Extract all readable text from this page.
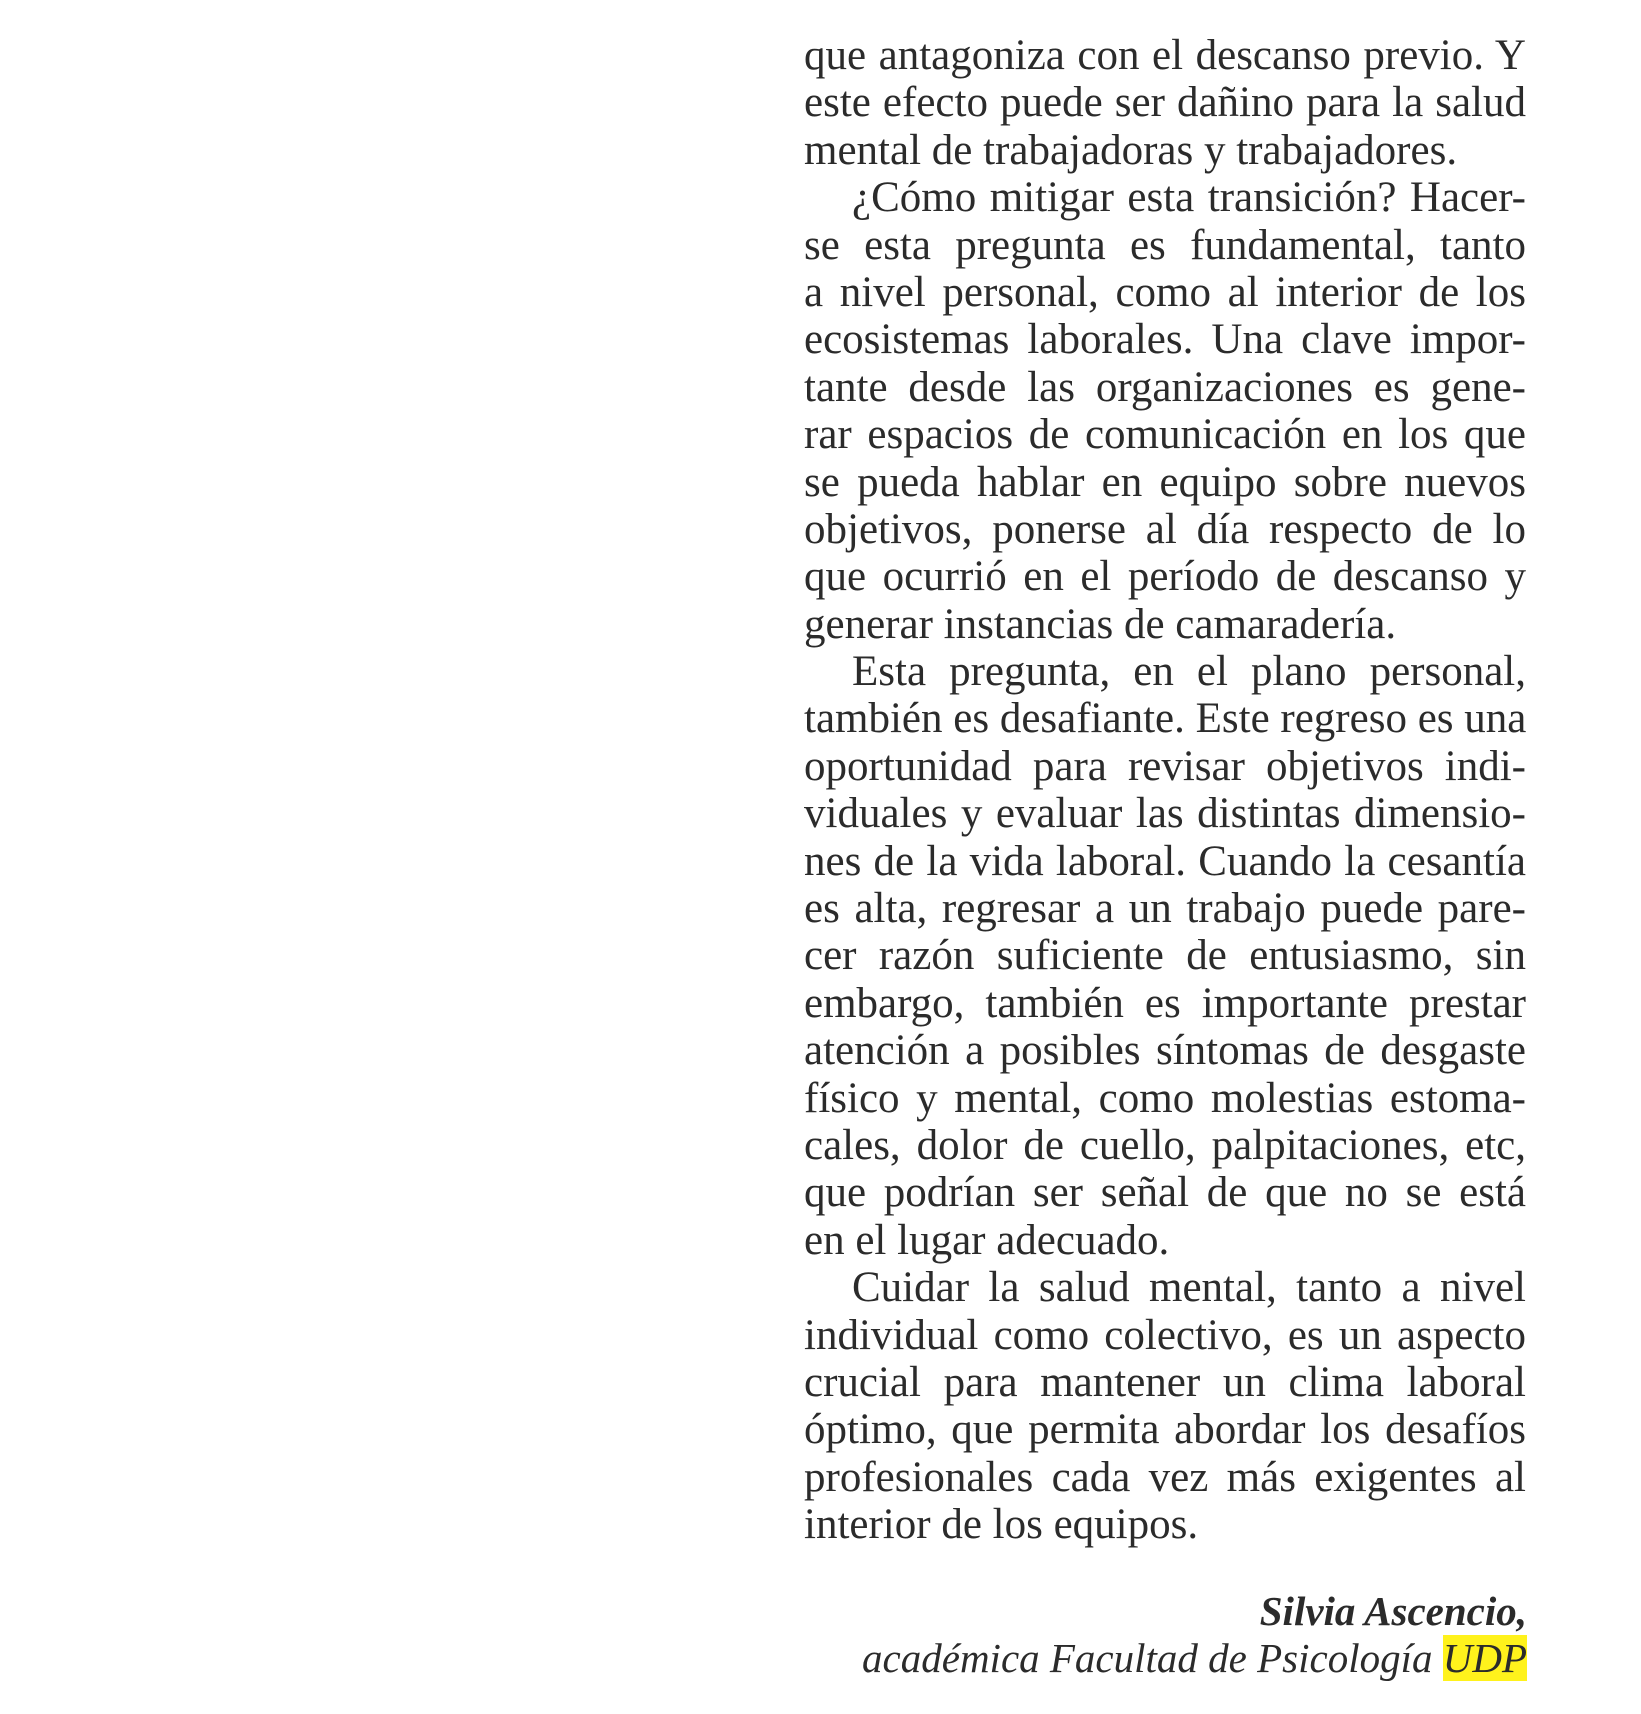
que antagoniza con el descanso previo. Y
este efecto puede ser dañino para la salud
mental de trabajadoras y trabajadores.
¿Cómo mitigar esta transición? Hacer-
se esta pregunta es fundamental, tanto
a nivel personal, como al interior de los
ecosistemas laborales. Una clave impor-
tante desde las organizaciones es gene-
rar espacios de comunicación en los que
se pueda hablar en equipo sobre nuevos
objetivos, ponerse al día respecto de lo
que ocurrió en el período de descanso y
generar instancias de camaradería.
Esta pregunta, en el plano personal,
también es desafiante. Este regreso es una
oportunidad para revisar objetivos indi-
viduales y evaluar las distintas dimensio-
nes de la vida laboral. Cuando la cesantía
es alta, regresar a un trabajo puede pare-
cer razón suficiente de entusiasmo, sin
embargo, también es importante prestar
atención a posibles síntomas de desgaste
físico y mental, como molestias estoma-
cales, dolor de cuello, palpitaciones, etc,
que podrían ser señal de que no se está
en el lugar adecuado.
Cuidar la salud mental, tanto a nivel
individual como colectivo, es un aspecto
crucial para mantener un clima laboral
óptimo, que permita abordar los desafíos
profesionales cada vez más exigentes al
interior de los equipos.
Silvia Ascencio,
académica Facultad de Psicología UDP
